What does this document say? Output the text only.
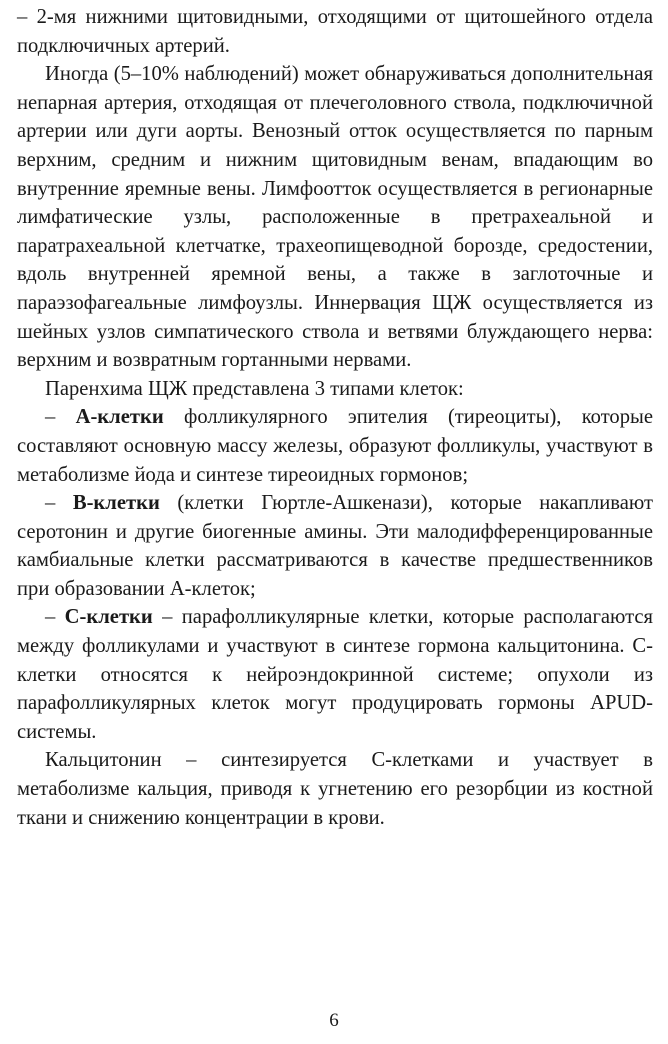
– 2-мя нижними щитовидными, отходящими от щитошейного отдела подключичных артерий.

Иногда (5–10% наблюдений) может обнаруживаться дополнительная непарная артерия, отходящая от плечеголовного ствола, подключичной артерии или дуги аорты. Венозный отток осуществляется по парным верхним, средним и нижним щитовидным венам, впадающим во внутренние яремные вены. Лимфоотток осуществляется в регионарные лимфатические узлы, расположенные в претрахеальной и паратрахеальной клетчатке, трахеопищеводной борозде, средостении, вдоль внутренней яремной вены, а также в заглоточные и параэзофагеальные лимфоузлы. Иннервация ЩЖ осуществляется из шейных узлов симпатического ствола и ветвями блуждающего нерва: верхним и возвратным гортанными нервами.

Паренхима ЩЖ представлена 3 типами клеток:

– А-клетки фолликулярного эпителия (тиреоциты), которые составляют основную массу железы, образуют фолликулы, участвуют в метаболизме йода и синтезе тиреоидных гормонов;

– В-клетки (клетки Гюртле-Ашкенази), которые накапливают серотонин и другие биогенные амины. Эти малодифференцированные камбиальные клетки рассматриваются в качестве предшественников при образовании А-клеток;

– С-клетки – парафолликулярные клетки, которые располагаются между фолликулами и участвуют в синтезе гормона кальцитонина. С-клетки относятся к нейроэндокринной системе; опухоли из парафолликулярных клеток могут продуцировать гормоны APUD-системы.

Кальцитонин – синтезируется С-клетками и участвует в метаболизме кальция, приводя к угнетению его резорбции из костной ткани и снижению концентрации в крови.

6
